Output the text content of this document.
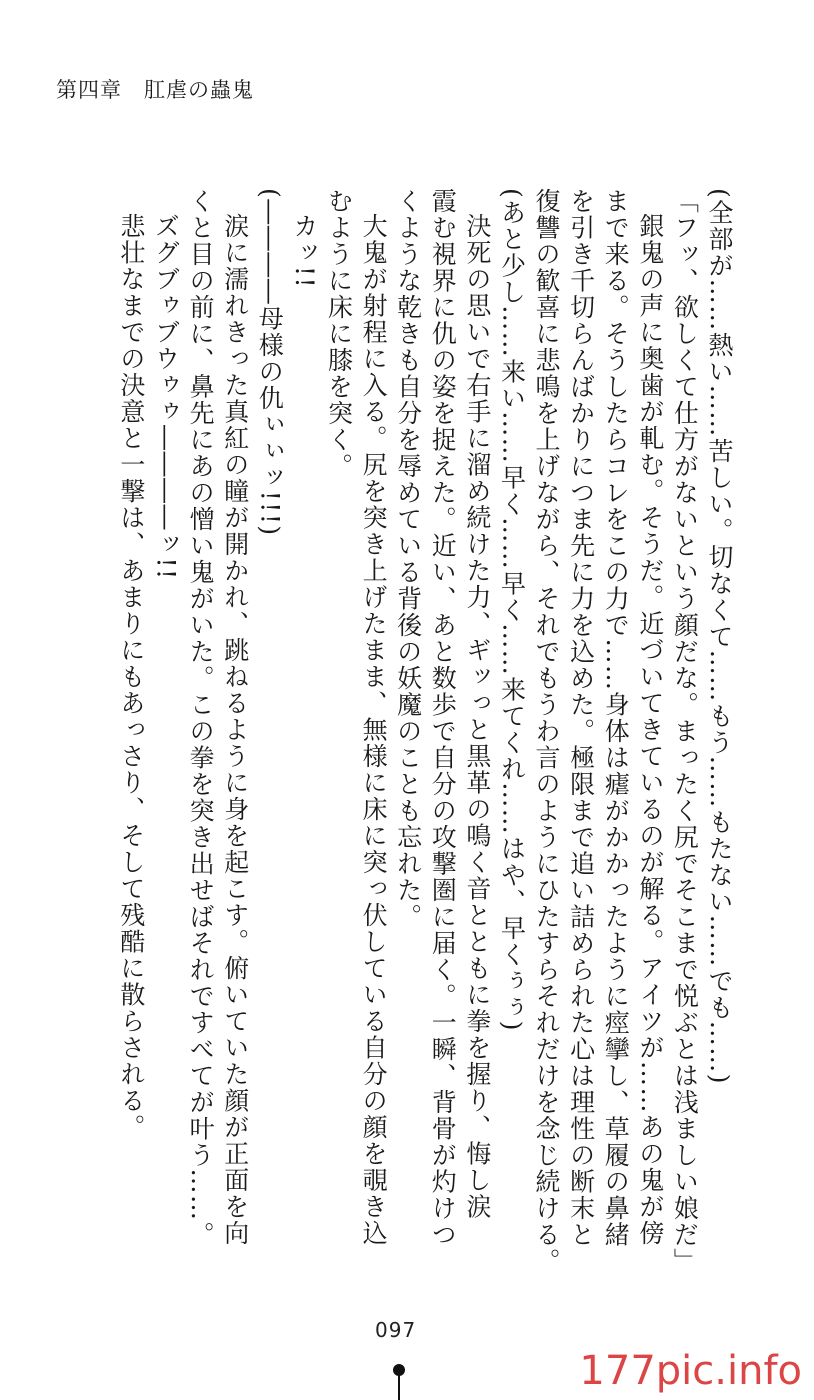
第四章　肛虐の蟲鬼
(全部が……熱い……苦しい。切なくて……もう……もたない……でも……)
「フッ、欲しくて仕方がないという顔だな。まったく尻でそこまで悦ぶとは浅ましい娘だ」
銀鬼の声に奥歯が軋む。そうだ。近づいてきているのが解る。アイツが……あの鬼が傍
まで来る。そうしたらコレをこの力で……身体は瘧がかかったように痙攣し、草履の鼻緒
を引き千切らんばかりにつま先に力を込めた。極限まで追い詰められた心は理性の断末と
復讐の歓喜に悲鳴を上げながら、それでもうわ言のようにひたすらそれだけを念じ続ける。
(あと少し……来い……早く……早く……来てくれ……はや、早くぅぅ)
決死の思いで右手に溜め続けた力、ギッっと黒革の鳴く音とともに拳を握り、悔し涙
霞む視界に仇の姿を捉えた。近い、あと数歩で自分の攻撃圏に届く。一瞬、背骨が灼けつ
くような乾きも自分を辱めている背後の妖魔のことも忘れた。
大鬼が射程に入る。尻を突き上げたまま、無様に床に突っ伏している自分の顔を覗き込
むように床に膝を突く。
カッ!!
(――――母様の仇ぃぃッ!!!)
涙に濡れきった真紅の瞳が開かれ、跳ねるように身を起こす。俯いていた顔が正面を向
くと目の前に、鼻先にあの憎い鬼がいた。この拳を突き出せばそれですべてが叶う……。
ズグブゥブウゥゥ――――ッ!!
悲壮なまでの決意と一撃は、あまりにもあっさり、そして残酷に散らされる。
097
177pic.info
